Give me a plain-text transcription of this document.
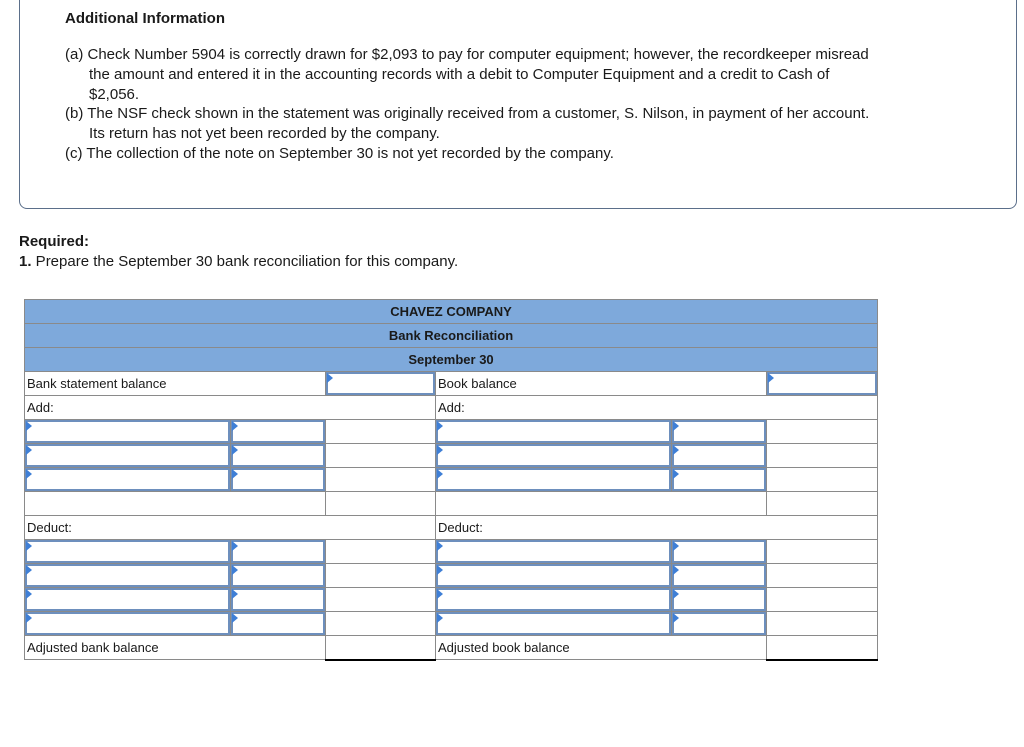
Additional Information
(a) Check Number 5904 is correctly drawn for $2,093 to pay for computer equipment; however, the recordkeeper misread
the amount and entered it in the accounting records with a debit to Computer Equipment and a credit to Cash of
$2,056.
(b) The NSF check shown in the statement was originally received from a customer, S. Nilson, in payment of her account.
Its return has not yet been recorded by the company.
(c) The collection of the note on September 30 is not yet recorded by the company.
Required:
1. Prepare the September 30 bank reconciliation for this company.
CHAVEZ COMPANY					
Bank Reconciliation					
September 30					
Bank statement balance			Book balance		

Add:			Add:		

Deduct:			Deduct:		

Adjusted bank balance			Adjusted book balance		
